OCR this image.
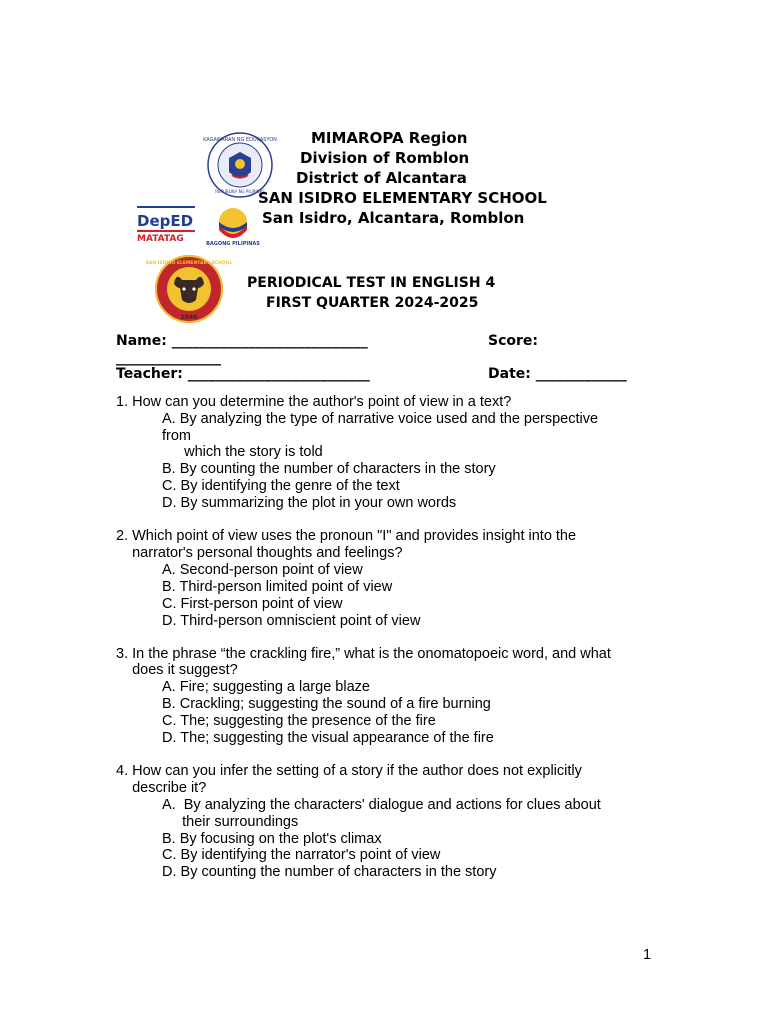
KAGAWARAN NG EDUKASYON
REPUBLIKA NG PILIPINAS
DepED
MATATAG	BAGONG PILIPINAS
SAN ISIDRO ELEMENTARY SCHOOL
1946
MIMAROPA Region
Division of Romblon
District of Alcantara
SAN ISIDRO ELEMENTARY SCHOOL
San Isidro, Alcantara, Romblon
PERIODICAL TEST IN ENGLISH 4
FIRST QUARTER 2024-2025
Name: ____________________________	Score:
_______________
Teacher: __________________________	Date: _____________
1. How can you determine the author's point of view in a text?
A. By analyzing the type of narrative voice used and the perspective
from
which the story is told
B. By counting the number of characters in the story
C. By identifying the genre of the text
D. By summarizing the plot in your own words
2. Which point of view uses the pronoun "I" and provides insight into the
narrator's personal thoughts and feelings?
A. Second-person point of view
B. Third-person limited point of view
C. First-person point of view
D. Third-person omniscient point of view
3. In the phrase “the crackling fire,” what is the onomatopoeic word, and what
does it suggest?
A. Fire; suggesting a large blaze
B. Crackling; suggesting the sound of a fire burning
C. The; suggesting the presence of the fire
D. The; suggesting the visual appearance of the fire
4. How can you infer the setting of a story if the author does not explicitly
describe it?
A.  By analyzing the characters' dialogue and actions for clues about
their surroundings
B. By focusing on the plot's climax
C. By identifying the narrator's point of view
D. By counting the number of characters in the story
1
